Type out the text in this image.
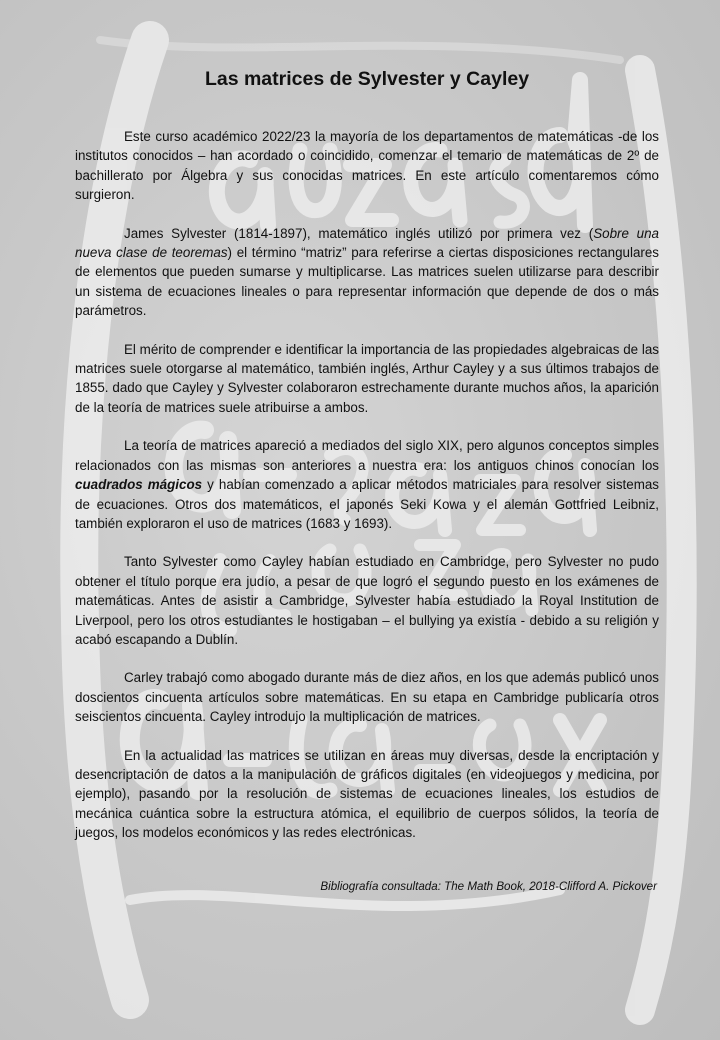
Las matrices de Sylvester y Cayley

Este curso académico 2022/23 la mayoría de los departamentos de matemáticas -de los institutos conocidos – han acordado o coincidido, comenzar el temario de matemáticas de 2º de bachillerato por Álgebra y sus conocidas matrices. En este artículo comentaremos cómo surgieron.

James Sylvester (1814-1897), matemático inglés utilizó por primera vez (Sobre una nueva clase de teoremas) el término “matriz” para referirse a ciertas disposiciones rectangulares de elementos que pueden sumarse y multiplicarse. Las matrices suelen utilizarse para describir un sistema de ecuaciones lineales o para representar información que depende de dos o más parámetros.

El mérito de comprender e identificar la importancia de las propiedades algebraicas de las matrices suele otorgarse al matemático, también inglés, Arthur Cayley y a sus últimos trabajos de 1855. dado que Cayley y Sylvester colaboraron estrechamente durante muchos años, la aparición de la teoría de matrices suele atribuirse a ambos.

La teoría de matrices apareció a mediados del siglo XIX, pero algunos conceptos simples relacionados con las mismas son anteriores a nuestra era: los antiguos chinos conocían los cuadrados mágicos y habían comenzado a aplicar métodos matriciales para resolver sistemas de ecuaciones. Otros dos matemáticos, el japonés Seki Kowa y el alemán Gottfried Leibniz, también exploraron el uso de matrices (1683 y 1693).

Tanto Sylvester como Cayley habían estudiado en Cambridge, pero Sylvester no pudo obtener el título porque era judío, a pesar de que logró el segundo puesto en los exámenes de matemáticas. Antes de asistir a Cambridge, Sylvester había estudiado la Royal Institution de Liverpool, pero los otros estudiantes le hostigaban – el bullying ya existía - debido a su religión y acabó escapando a Dublín.

Carley trabajó como abogado durante más de diez años, en los que además publicó unos doscientos cincuenta artículos sobre matemáticas. En su etapa en Cambridge publicaría otros seiscientos cincuenta. Cayley introdujo la multiplicación de matrices.

En la actualidad las matrices se utilizan en áreas muy diversas, desde la encriptación y desencriptación de datos a la manipulación de gráficos digitales (en videojuegos y medicina, por ejemplo), pasando por la resolución de sistemas de ecuaciones lineales, los estudios de mecánica cuántica sobre la estructura atómica, el equilibrio de cuerpos sólidos, la teoría de juegos, los modelos económicos y las redes electrónicas.

Bibliografía consultada: The Math Book, 2018-Clifford A. Pickover
